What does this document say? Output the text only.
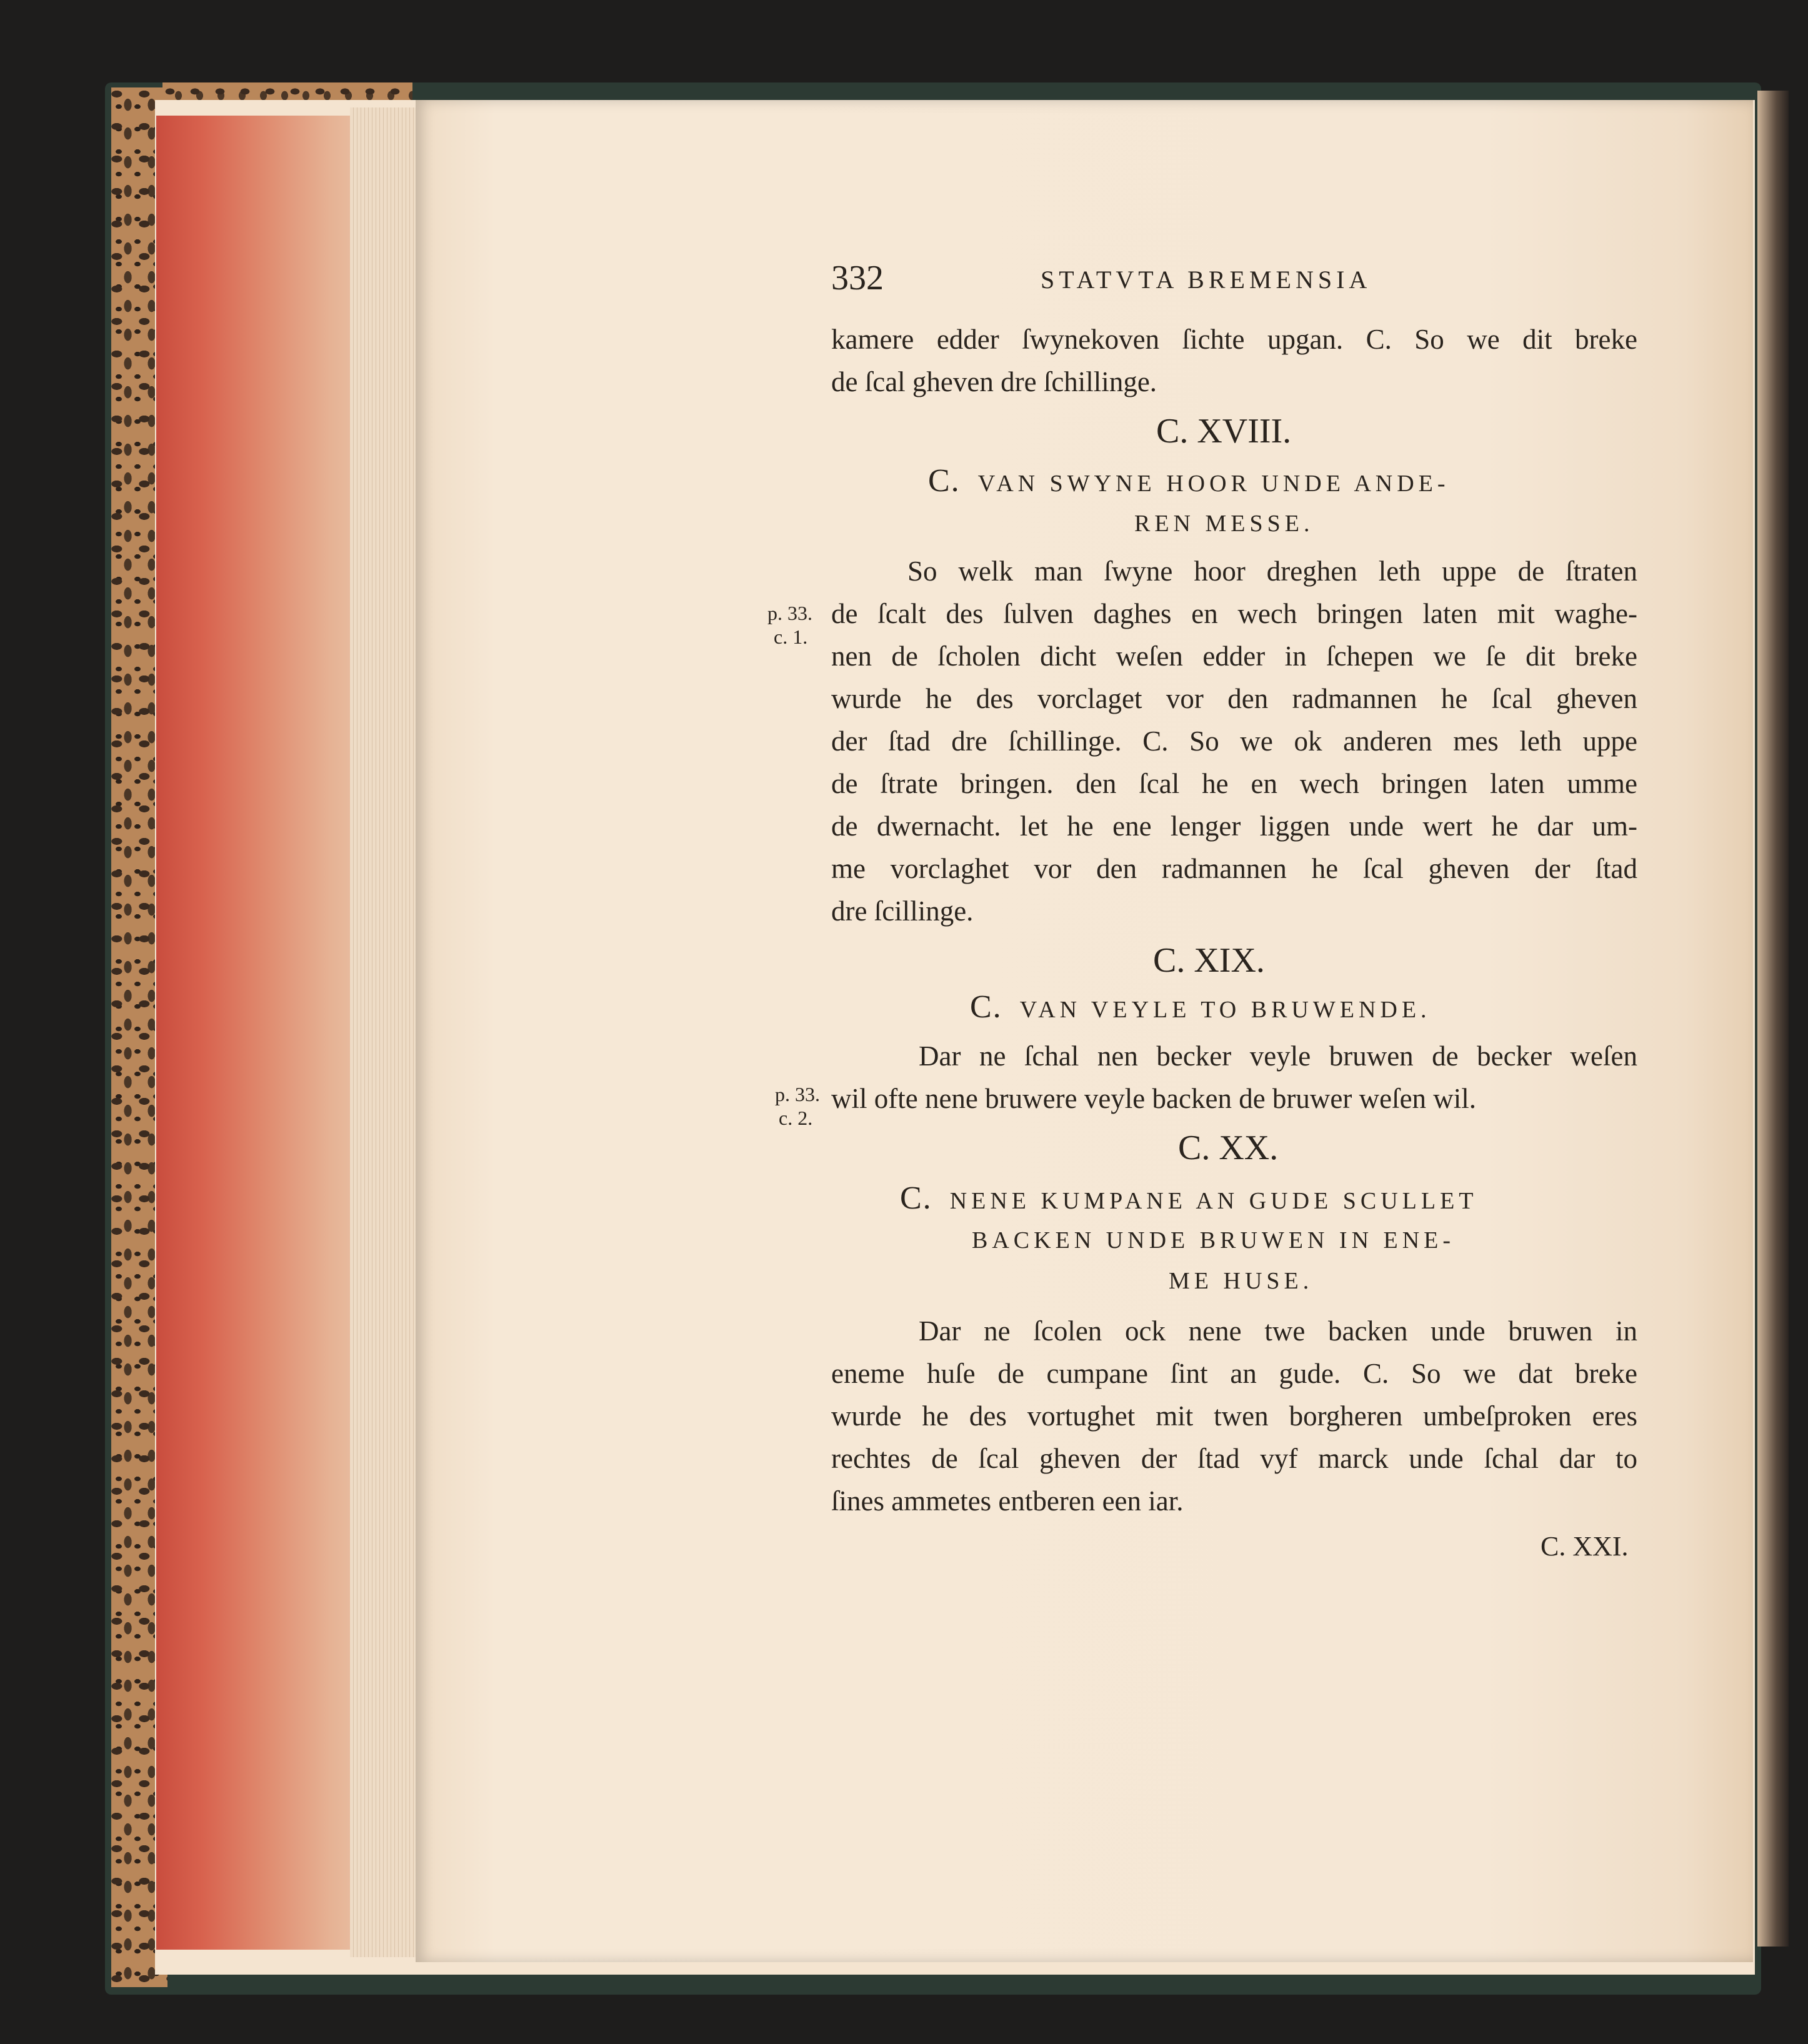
332	STATVTA BREMENSIA
kamere edder ſwynekoven ſichte upgan. C. So we dit breke
de ſcal gheven dre ſchillinge.
C. XVIII.
C. VAN SWYNE HOOR UNDE ANDE-
REN MESSE.
So welk man ſwyne hoor dreghen leth uppe de ſtraten
de ſcalt des ſulven daghes en wech bringen laten mit waghe-
nen de ſcholen dicht weſen edder in ſchepen we ſe dit breke
wurde he des vorclaget vor den radmannen he ſcal gheven
der ſtad dre ſchillinge. C. So we ok anderen mes leth uppe
de ſtrate bringen. den ſcal he en wech bringen laten umme
de dwernacht. let he ene lenger liggen unde wert he dar um-
me vorclaghet vor den radmannen he ſcal gheven der ſtad
dre ſcillinge.
C. XIX.
C. VAN VEYLE TO BRUWENDE.
Dar ne ſchal nen becker veyle bruwen de becker weſen
wil ofte nene bruwere veyle backen de bruwer weſen wil.
C. XX.
C. NENE KUMPANE AN GUDE SCULLET
BACKEN UNDE BRUWEN IN ENE-
ME HUSE.
Dar ne ſcolen ock nene twe backen unde bruwen in
eneme huſe de cumpane ſint an gude. C. So we dat breke
wurde he des vortughet mit twen borgheren umbeſproken eres
rechtes de ſcal gheven der ſtad vyf marck unde ſchal dar to
ſines ammetes entberen een iar.
C. XXI.
p. 33.
c. 1.
p. 33.
c. 2.
